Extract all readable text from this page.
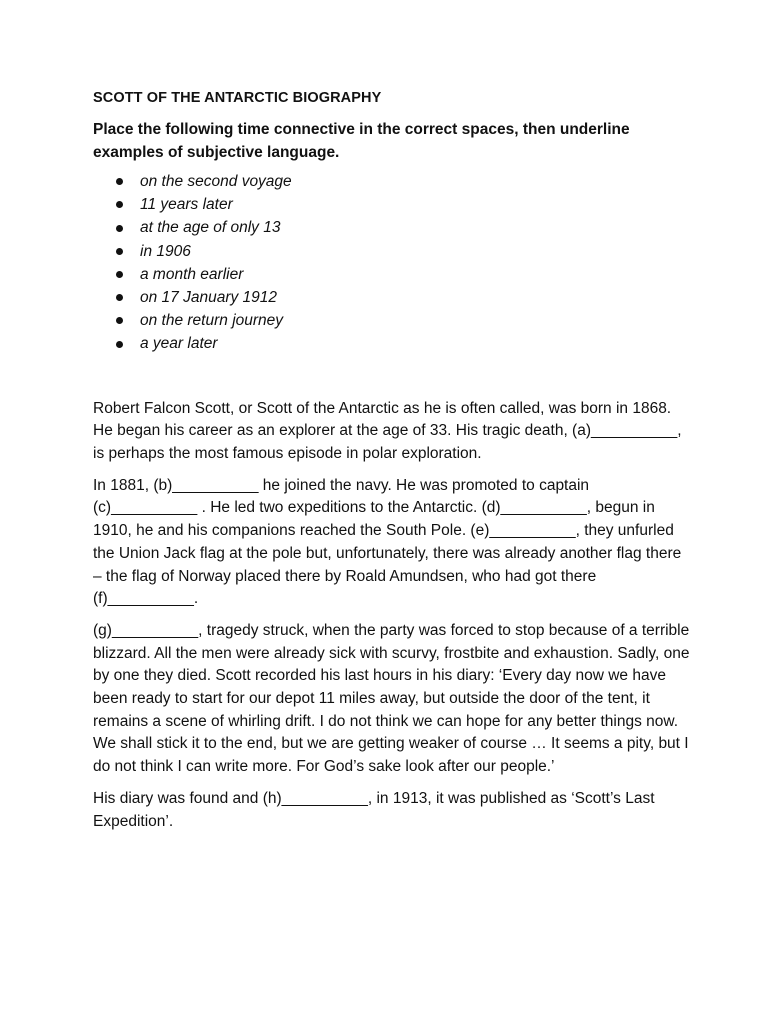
SCOTT OF THE ANTARCTIC BIOGRAPHY
Place the following time connective in the correct spaces, then underline examples of subjective language.
on the second voyage
11 years later
at the age of only 13
in 1906
a month earlier
on 17 January 1912
on the return journey
a year later

Robert Falcon Scott, or Scott of the Antarctic as he is often called, was born in 1868. He began his career as an explorer at the age of 33. His tragic death, (a)__________, is perhaps the most famous episode in polar exploration.

In 1881, (b)__________ he joined the navy. He was promoted to captain (c)__________ . He led two expeditions to the Antarctic. (d)__________, begun in 1910, he and his companions reached the South Pole. (e)__________, they unfurled the Union Jack flag at the pole but, unfortunately, there was already another flag there – the flag of Norway placed there by Roald Amundsen, who had got there (f)__________.

(g)__________, tragedy struck, when the party was forced to stop because of a terrible blizzard. All the men were already sick with scurvy, frostbite and exhaustion. Sadly, one by one they died. Scott recorded his last hours in his diary: ‘Every day now we have been ready to start for our depot 11 miles away, but outside the door of the tent, it remains a scene of whirling drift. I do not think we can hope for any better things now. We shall stick it to the end, but we are getting weaker of course … It seems a pity, but I do not think I can write more. For God’s sake look after our people.’

His diary was found and (h)__________, in 1913, it was published as ‘Scott’s Last Expedition’.
